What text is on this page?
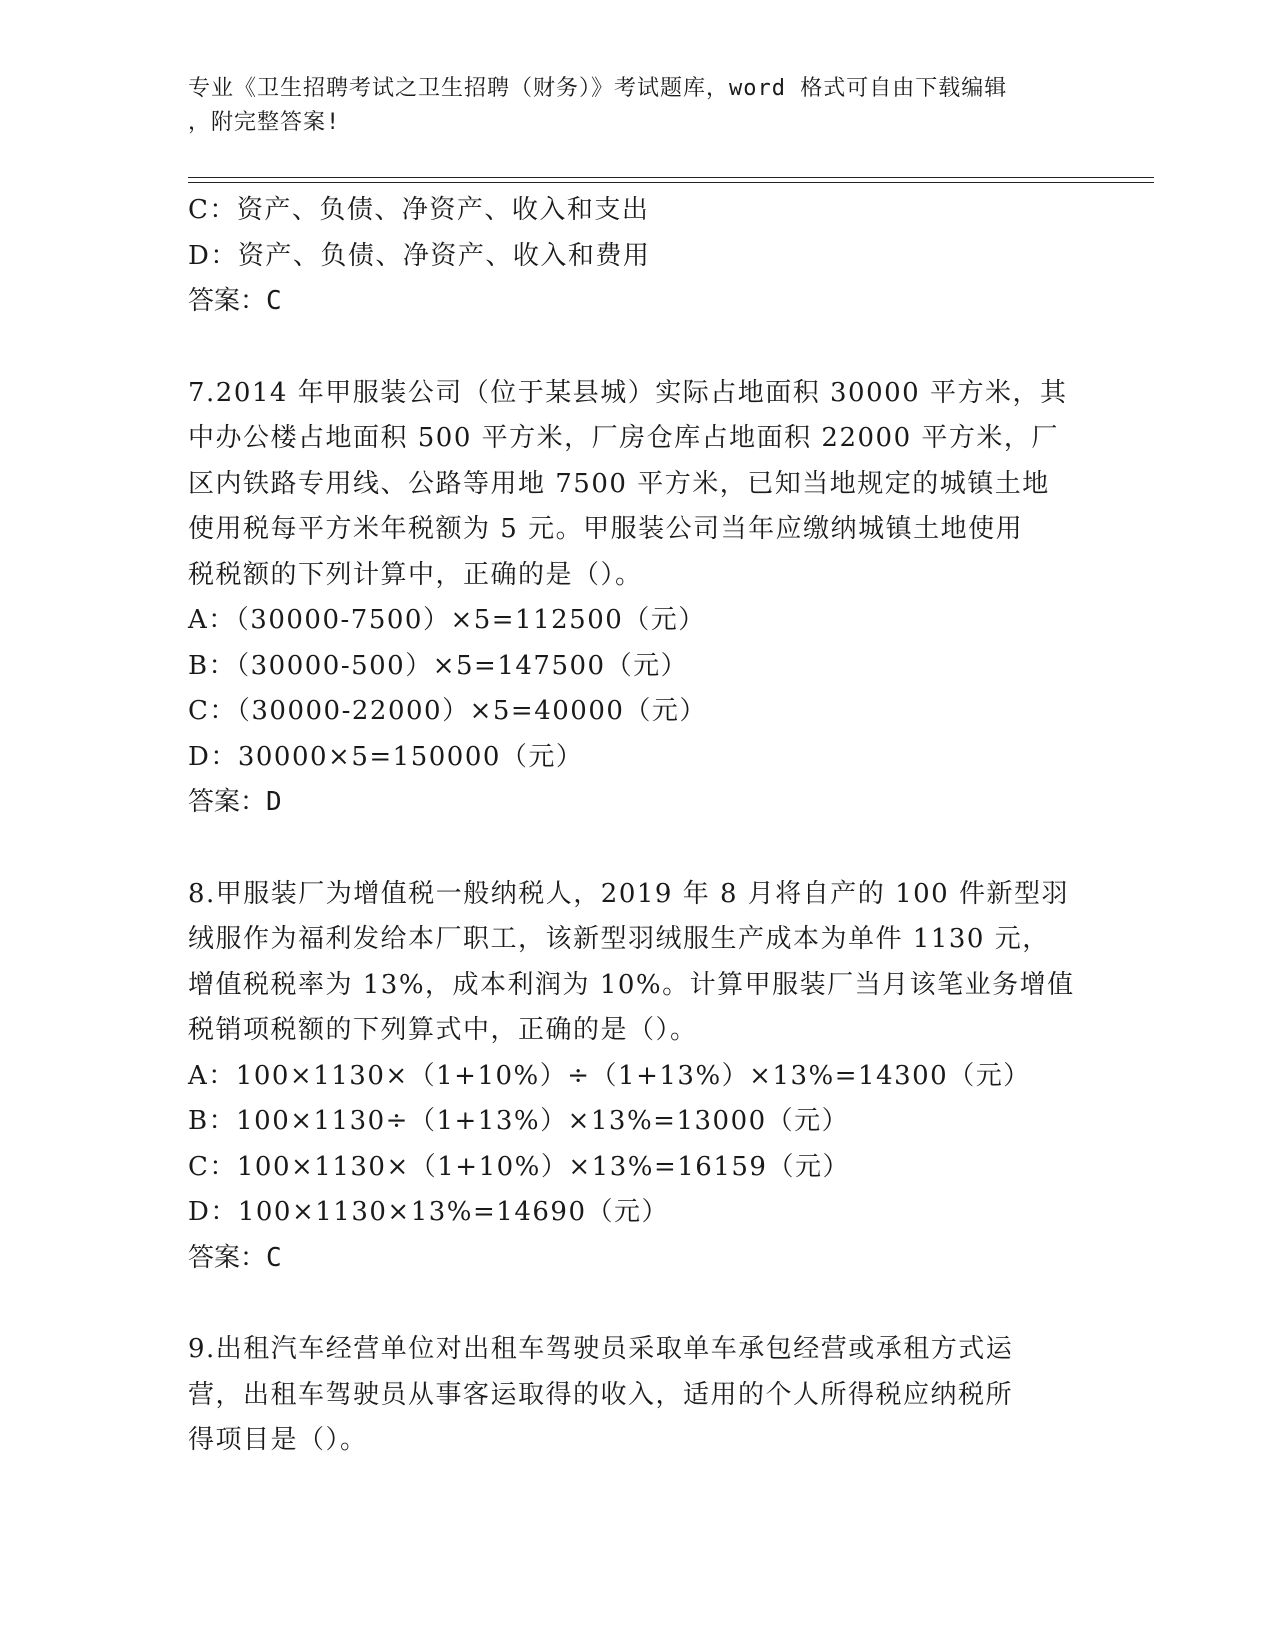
专业《卫生招聘考试之卫生招聘（财务）》考试题库，word 格式可自由下载编辑
，附完整答案!
C：资产、负债、净资产、收入和支出
D：资产、负债、净资产、收入和费用
答案：C
7.2014 年甲服装公司（位于某县城）实际占地面积 30000 平方米，其
中办公楼占地面积 500 平方米，厂房仓库占地面积 22000 平方米，厂
区内铁路专用线、公路等用地 7500 平方米，已知当地规定的城镇土地
使用税每平方米年税额为 5 元。甲服装公司当年应缴纳城镇土地使用
税税额的下列计算中，正确的是（）。
A：（30000-7500）×5=112500（元）
B：（30000-500）×5=147500（元）
C：（30000-22000）×5=40000（元）
D：30000×5=150000（元）
答案：D
8.甲服装厂为增值税一般纳税人，2019 年 8 月将自产的 100 件新型羽
绒服作为福利发给本厂职工，该新型羽绒服生产成本为单件 1130 元，
增值税税率为 13%，成本利润为 10%。计算甲服装厂当月该笔业务增值
税销项税额的下列算式中，正确的是（）。
A：100×1130×（1+10%）÷（1+13%）×13%=14300（元）
B：100×1130÷（1+13%）×13%=13000（元）
C：100×1130×（1+10%）×13%=16159（元）
D：100×1130×13%=14690（元）
答案：C
9.出租汽车经营单位对出租车驾驶员采取单车承包经营或承租方式运
营，出租车驾驶员从事客运取得的收入，适用的个人所得税应纳税所
得项目是（）。
